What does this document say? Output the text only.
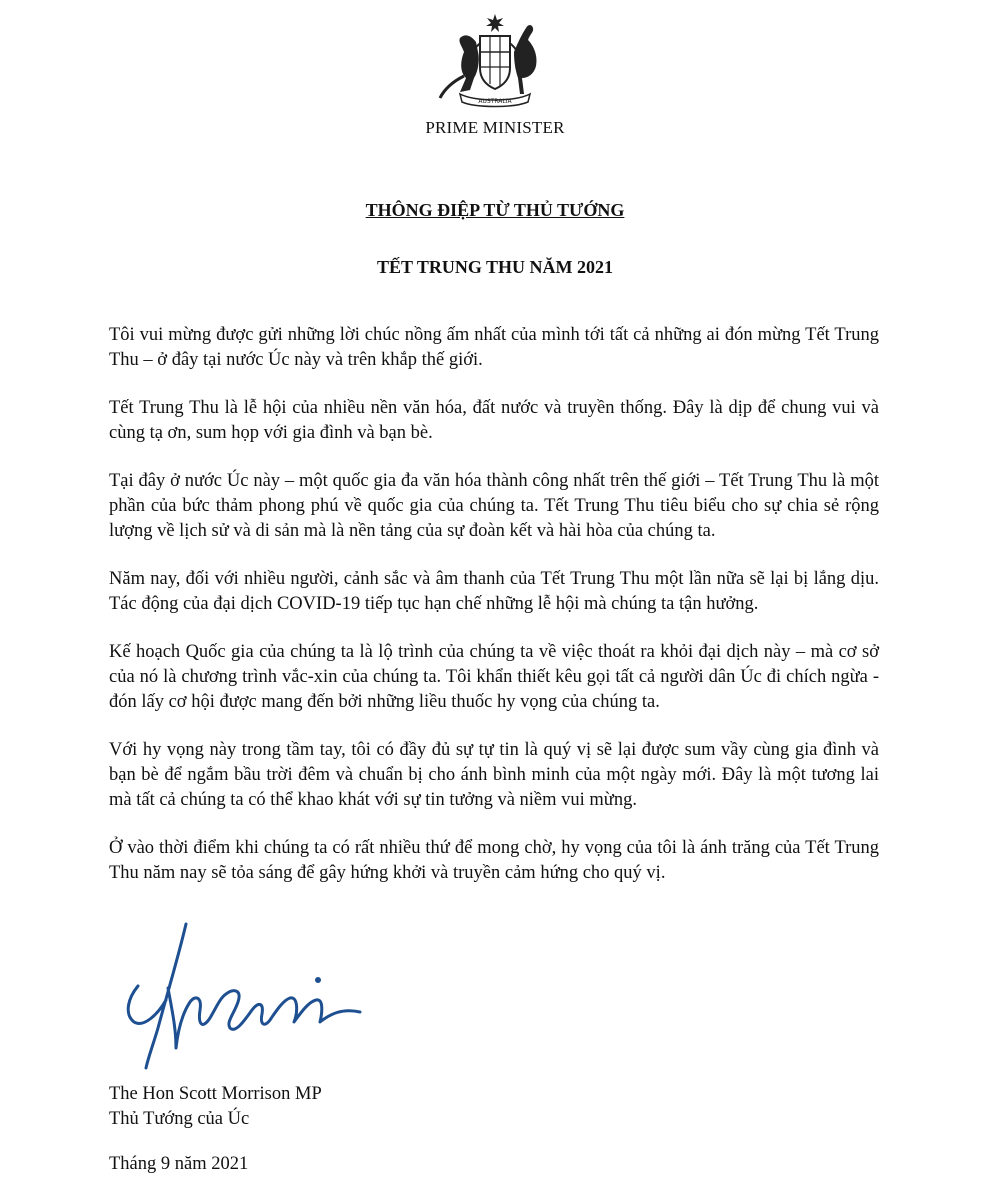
AUSTRALIA
PRIME MINISTER
THÔNG ĐIỆP TỪ THỦ TƯỚNG
TẾT TRUNG THU NĂM 2021

Tôi vui mừng được gửi những lời chúc nồng ấm nhất của mình tới tất cả những ai đón mừng Tết Trung Thu – ở đây tại nước Úc này và trên khắp thế giới.

Tết Trung Thu là lễ hội của nhiều nền văn hóa, đất nước và truyền thống. Đây là dịp để chung vui và cùng tạ ơn, sum họp với gia đình và bạn bè.

Tại đây ở nước Úc này – một quốc gia đa văn hóa thành công nhất trên thế giới – Tết Trung Thu là một phần của bức thảm phong phú về quốc gia của chúng ta. Tết Trung Thu tiêu biểu cho sự chia sẻ rộng lượng về lịch sử và di sản mà là nền tảng của sự đoàn kết và hài hòa của chúng ta.

Năm nay, đối với nhiều người, cảnh sắc và âm thanh của Tết Trung Thu một lần nữa sẽ lại bị lắng dịu. Tác động của đại dịch COVID-19 tiếp tục hạn chế những lễ hội mà chúng ta tận hưởng.

Kế hoạch Quốc gia của chúng ta là lộ trình của chúng ta về việc thoát ra khỏi đại dịch này – mà cơ sở của nó là chương trình vắc-xin của chúng ta. Tôi khẩn thiết kêu gọi tất cả người dân Úc đi chích ngừa - đón lấy cơ hội được mang đến bởi những liều thuốc hy vọng của chúng ta.

Với hy vọng này trong tầm tay, tôi có đầy đủ sự tự tin là quý vị sẽ lại được sum vầy cùng gia đình và bạn bè để ngắm bầu trời đêm và chuẩn bị cho ánh bình minh của một ngày mới. Đây là một tương lai mà tất cả chúng ta có thể khao khát với sự tin tưởng và niềm vui mừng.

Ở vào thời điểm khi chúng ta có rất nhiều thứ để mong chờ, hy vọng của tôi là ánh trăng của Tết Trung Thu năm nay sẽ tỏa sáng để gây hứng khởi và truyền cảm hứng cho quý vị.

The Hon Scott Morrison MP
Thủ Tướng của Úc
Tháng 9 năm 2021
